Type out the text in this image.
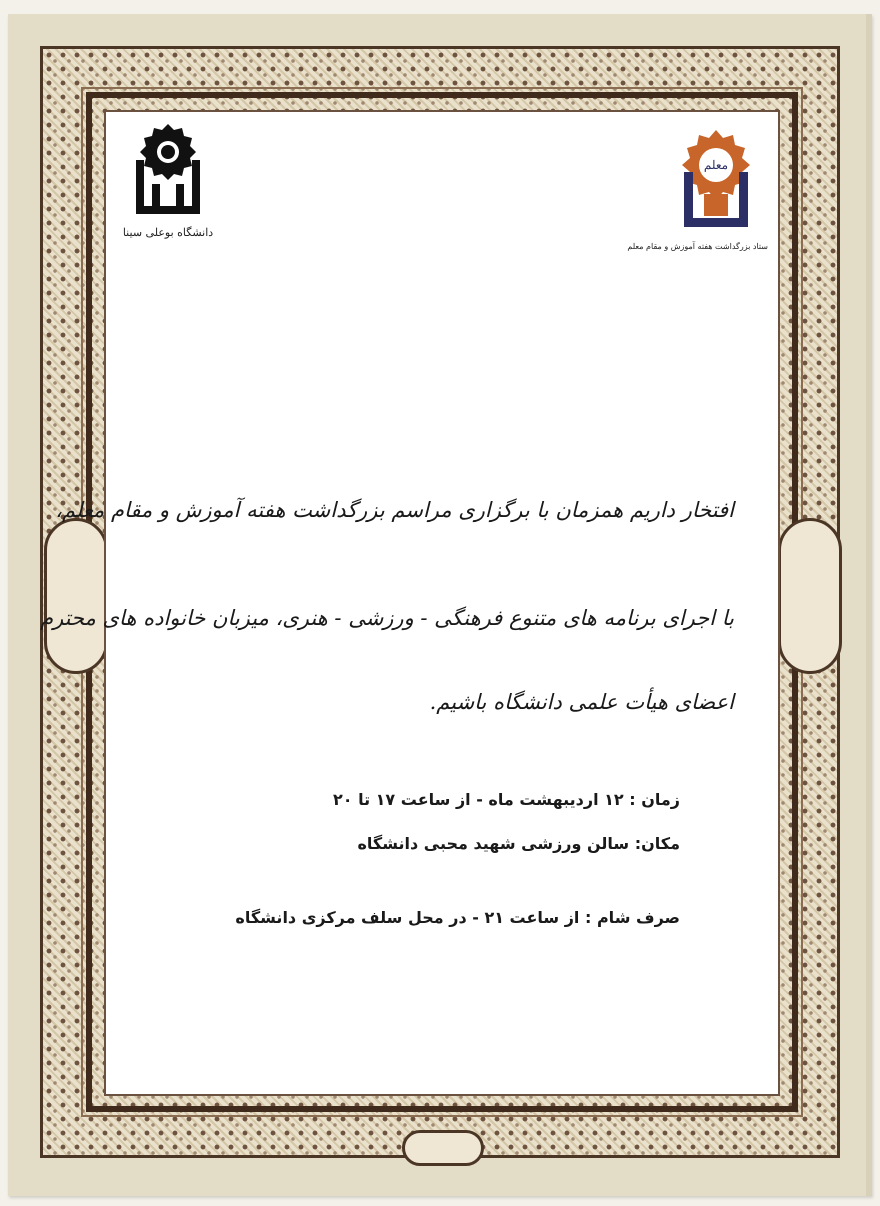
دانشگاه بوعلی سینا
معلم
ستاد بزرگداشت هفته آموزش و مقام معلم
افتخار داریم همزمان با برگزاری مراسم بزرگداشت هفته آموزش و مقام معلم،
با اجرای برنامه های متنوع فرهنگی - ورزشی - هنری، میزبان خانواده های محترم
اعضای هیأت علمی دانشگاه باشیم.
زمان : ۱۲ اردیبهشت ماه - از ساعت ۱۷ تا ۲۰
مکان: سالن ورزشی شهید محبی دانشگاه
صرف شام : از ساعت ۲۱ - در محل سلف مرکزی دانشگاه
